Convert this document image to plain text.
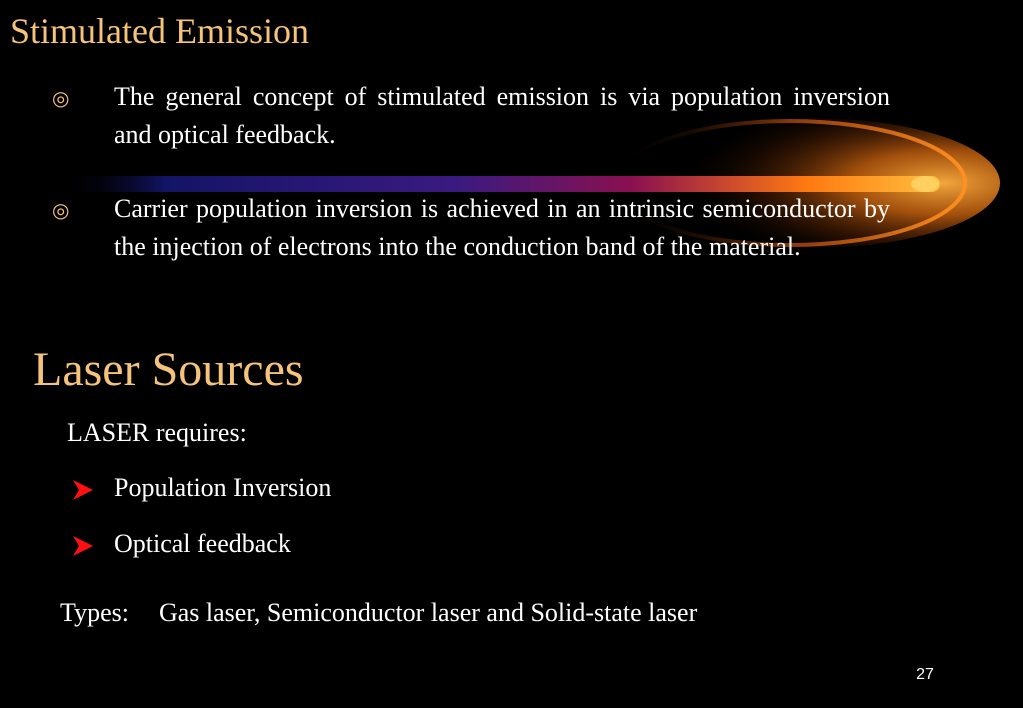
Stimulated Emission
◎	The general concept of stimulated emission is via population inversion and optical feedback.
◎	Carrier population inversion is achieved in an intrinsic semiconductor by the injection of electrons into the conduction band of the material.
Laser Sources
LASER requires:
Population Inversion
Optical feedback
Types: Gas laser, Semiconductor laser and Solid-state laser
27
